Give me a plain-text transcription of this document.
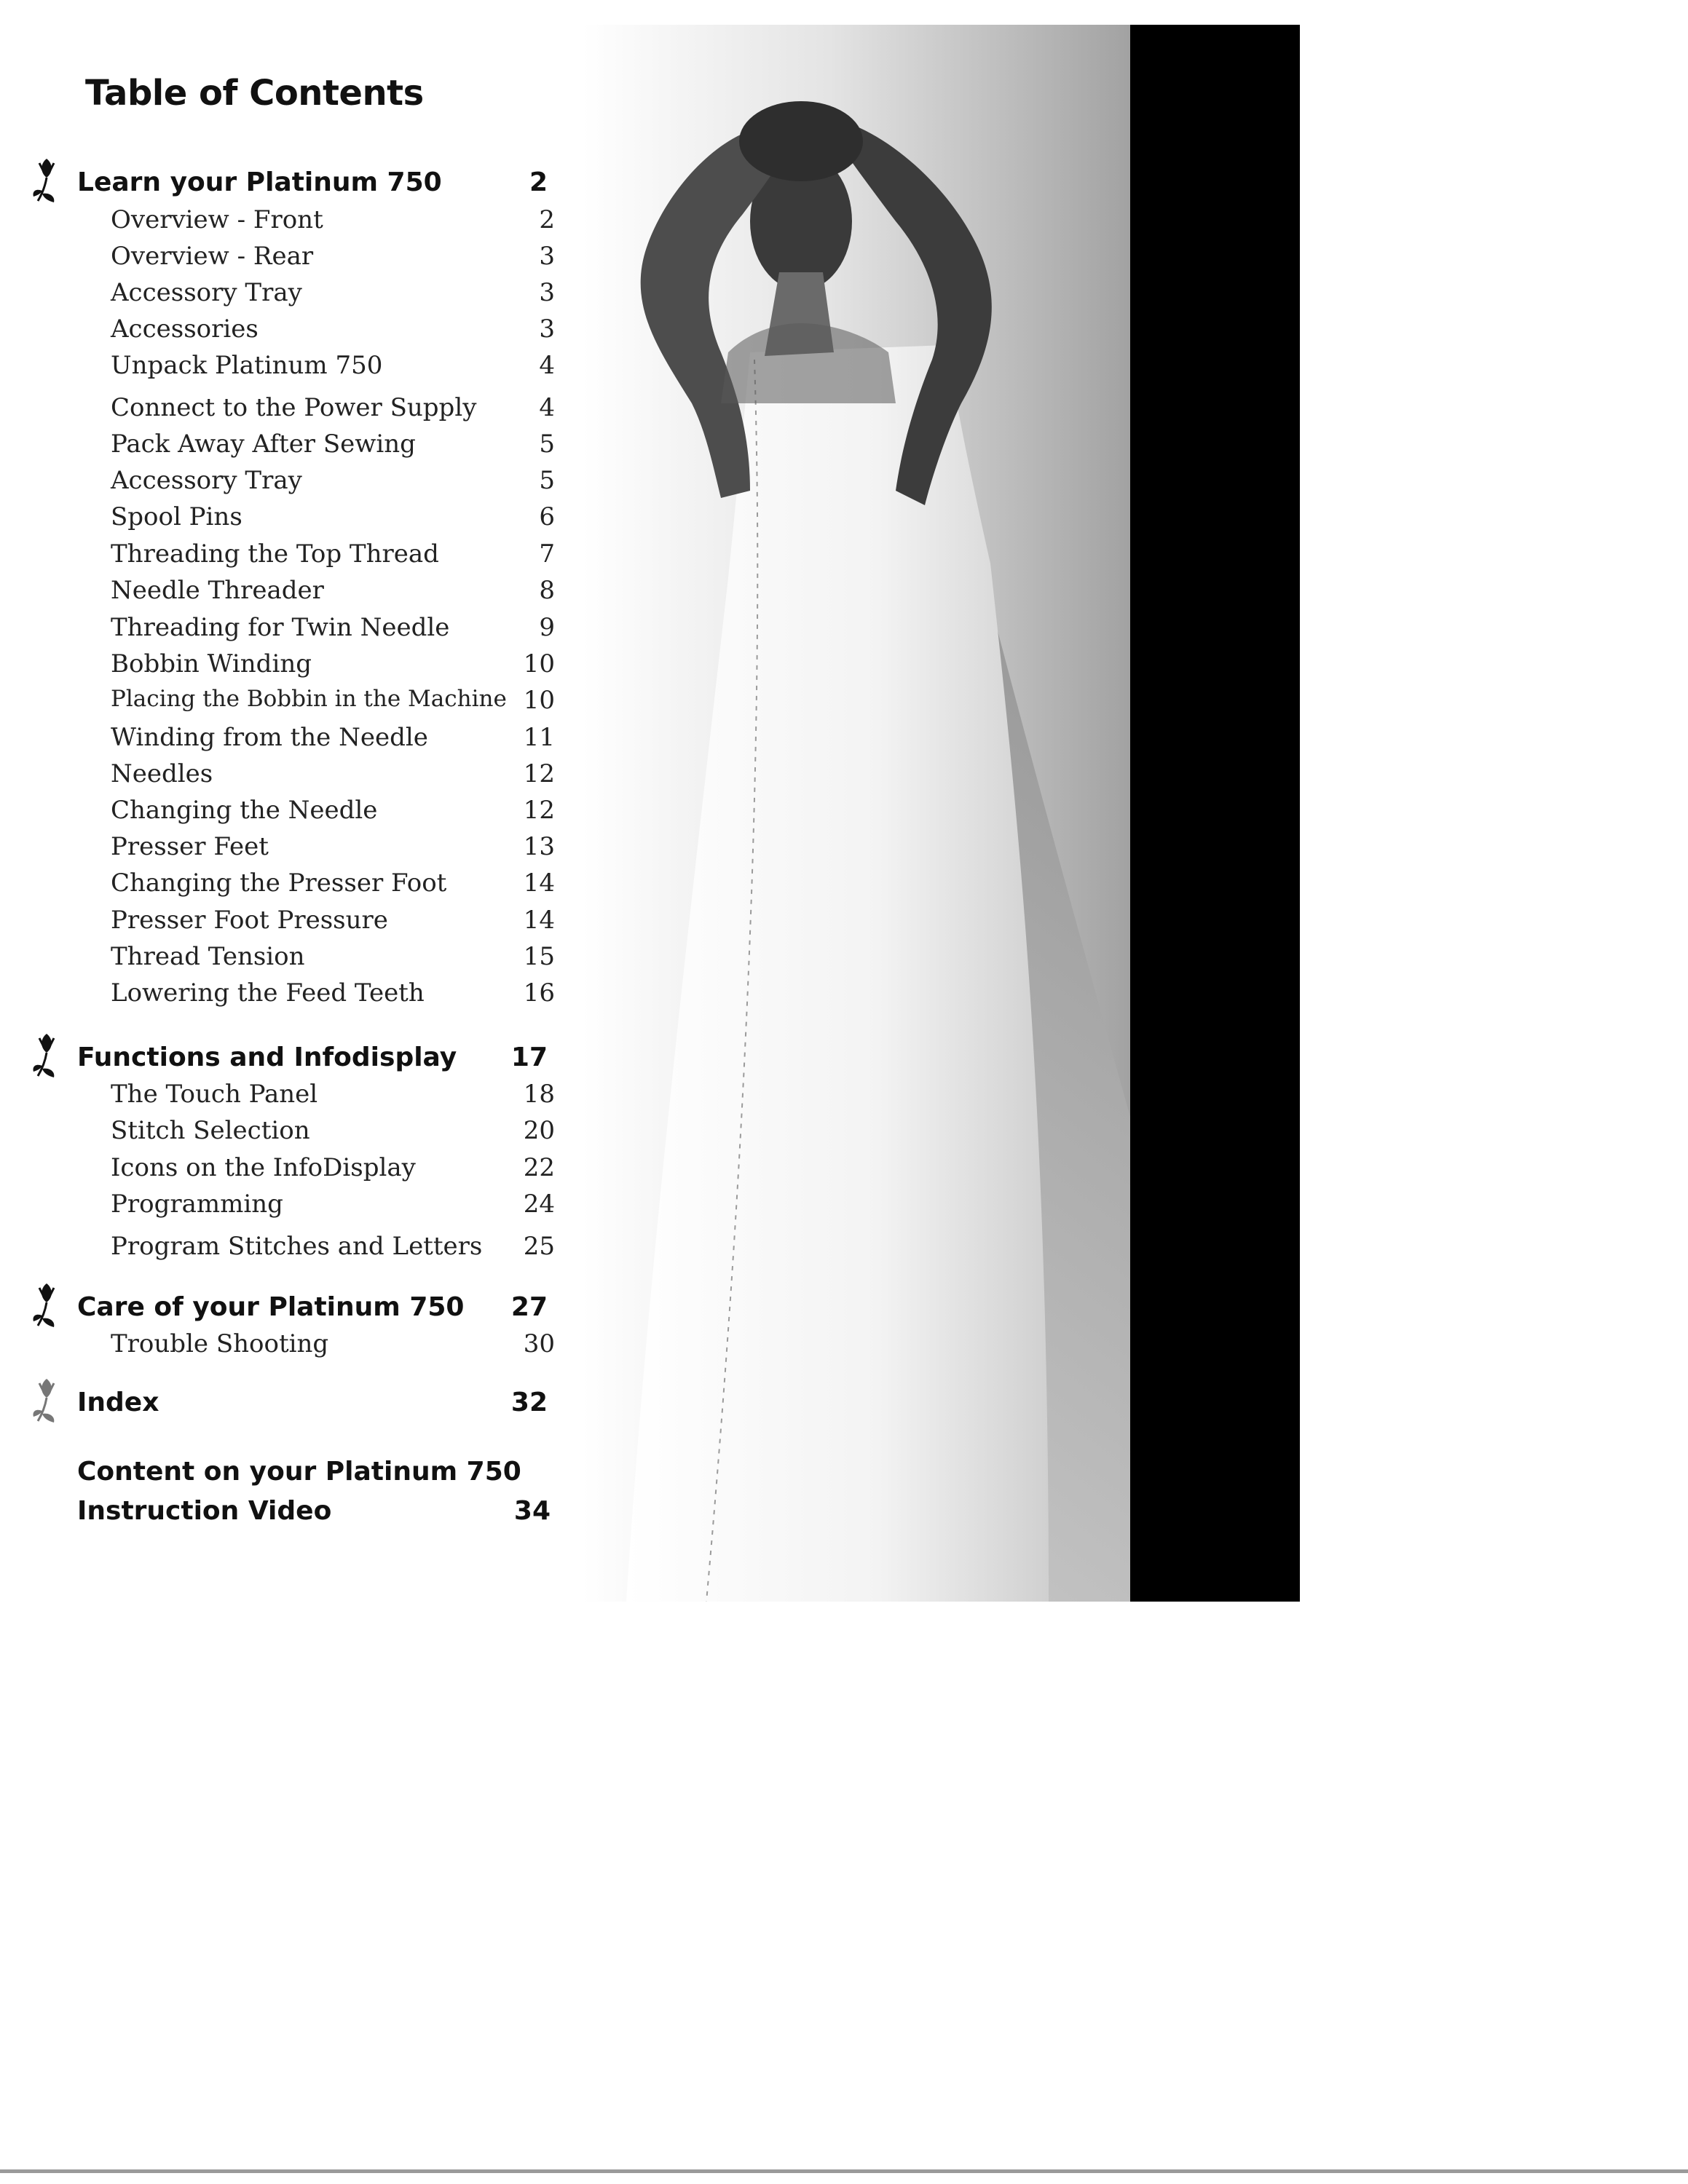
Table of Contents
Learn your Platinum 750	2
Overview - Front	2
Overview - Rear	3
Accessory Tray	3
Accessories	3
Unpack Platinum 750	4
Connect to the Power Supply	4
Pack Away After Sewing	5
Accessory Tray	5
Spool Pins	6
Threading the Top Thread	7
Needle Threader	8
Threading for Twin Needle	9
Bobbin Winding	10
Placing the Bobbin in the Machine 10
Winding from the Needle	11
Needles	12
Changing the Needle	12
Presser Feet	13
Changing the Presser Foot	14
Presser Foot Pressure	14
Thread Tension	15
Lowering the Feed Teeth	16
Functions and Infodisplay 17
The Touch Panel	18
Stitch Selection	20
Icons on the InfoDisplay	22
Programming	24
Program Stitches and Letters 25
Care of your Platinum 750 27
Trouble Shooting	30
Index	32
Content on your Platinum 750
Instruction Video	34
